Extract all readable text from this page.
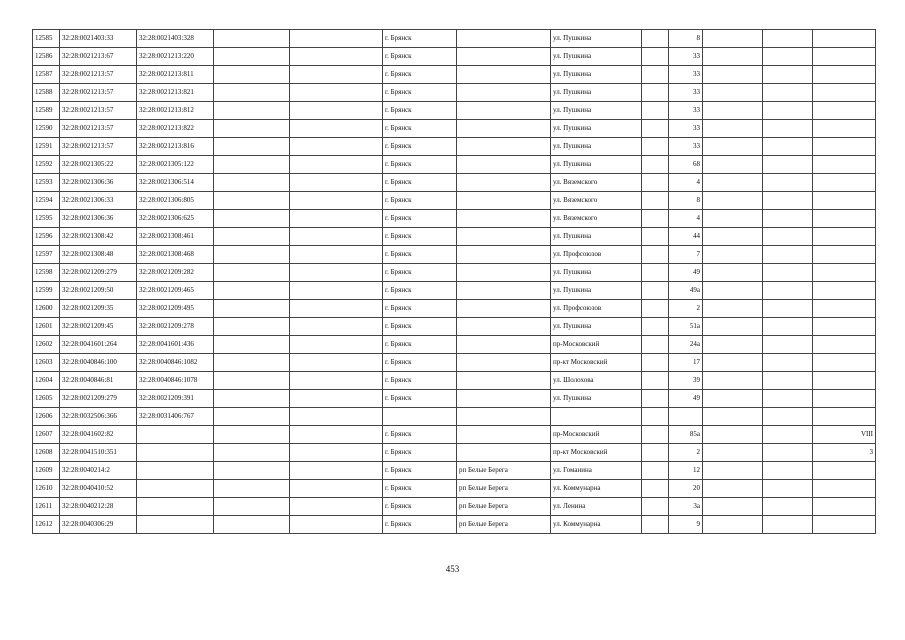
12585	32:28:0021403:33	32:28:0021403:328			г. Брянск		ул. Пушкина		8			
12586	32:28:0021213:67	32:28:0021213:220			г. Брянск		ул. Пушкина		33			
12587	32:28:0021213:57	32:28:0021213:811			г. Брянск		ул. Пушкина		33			
12588	32:28:0021213:57	32:28:0021213:821			г. Брянск		ул. Пушкина		33			
12589	32:28:0021213:57	32:28:0021213:812			г. Брянск		ул. Пушкина		33			
12590	32:28:0021213:57	32:28:0021213:822			г. Брянск		ул. Пушкина		33			
12591	32:28:0021213:57	32:28:0021213:816			г. Брянск		ул. Пушкина		33			
12592	32:28:0021305:22	32:28:0021305:122			г. Брянск		ул. Пушкина		68			
12593	32:28:0021306:36	32:28:0021306:514			г. Брянск		ул. Вяземского		4			
12594	32:28:0021306:33	32:28:0021306:805			г. Брянск		ул. Вяземского		8			
12595	32:28:0021306:36	32:28:0021306:625			г. Брянск		ул. Вяземского		4			
12596	32:28:0021308:42	32:28:0021308:461			г. Брянск		ул. Пушкина		44			
12597	32:28:0021308:48	32:28:0021308:468			г. Брянск		ул. Профсоюзов		7			
12598	32:28:0021209:279	32:28:0021209:282			г. Брянск		ул. Пушкина		49			
12599	32:28:0021209:50	32:28:0021209:465			г. Брянск		ул. Пушкина		49а			
12600	32:28:0021209:35	32:28:0021209:495			г. Брянск		ул. Профсоюзов		2			
12601	32:28:0021209:45	32:28:0021209:278			г. Брянск		ул. Пушкина		51а			
12602	32:28:0041601:264	32:28:0041601:436			г. Брянск		пр-Московский		24а			
12603	32:28:0040846:100	32:28:0040846:1082			г. Брянск		пр-кт Московский		17			
12604	32:28:0040846:81	32:28:0040846:1078			г. Брянск		ул. Шолохова		39			
12605	32:28:0021209:279	32:28:0021209:391			г. Брянск		ул. Пушкина		49			
12606	32:28:0032506:366	32:28:0031406:767										
12607	32:28:0041602:82				г. Брянск		пр-Московский		85а			VIII
12608	32:28:0041510:351				г. Брянск		пр-кт Московский		2			3
12609	32:28:0040214:2				г. Брянск	рп Белые Берега	ул. Гоманина		12			
12610	32:28:0040410:52				г. Брянск	рп Белые Берега	ул. Коммунарна		20			
12611	32:28:0040212:28				г. Брянск	рп Белые Берега	ул. Ленина		3а			
12612	32:28:0040306:29				г. Брянск	рп Белые Берега	ул. Коммунарна		9			
453
